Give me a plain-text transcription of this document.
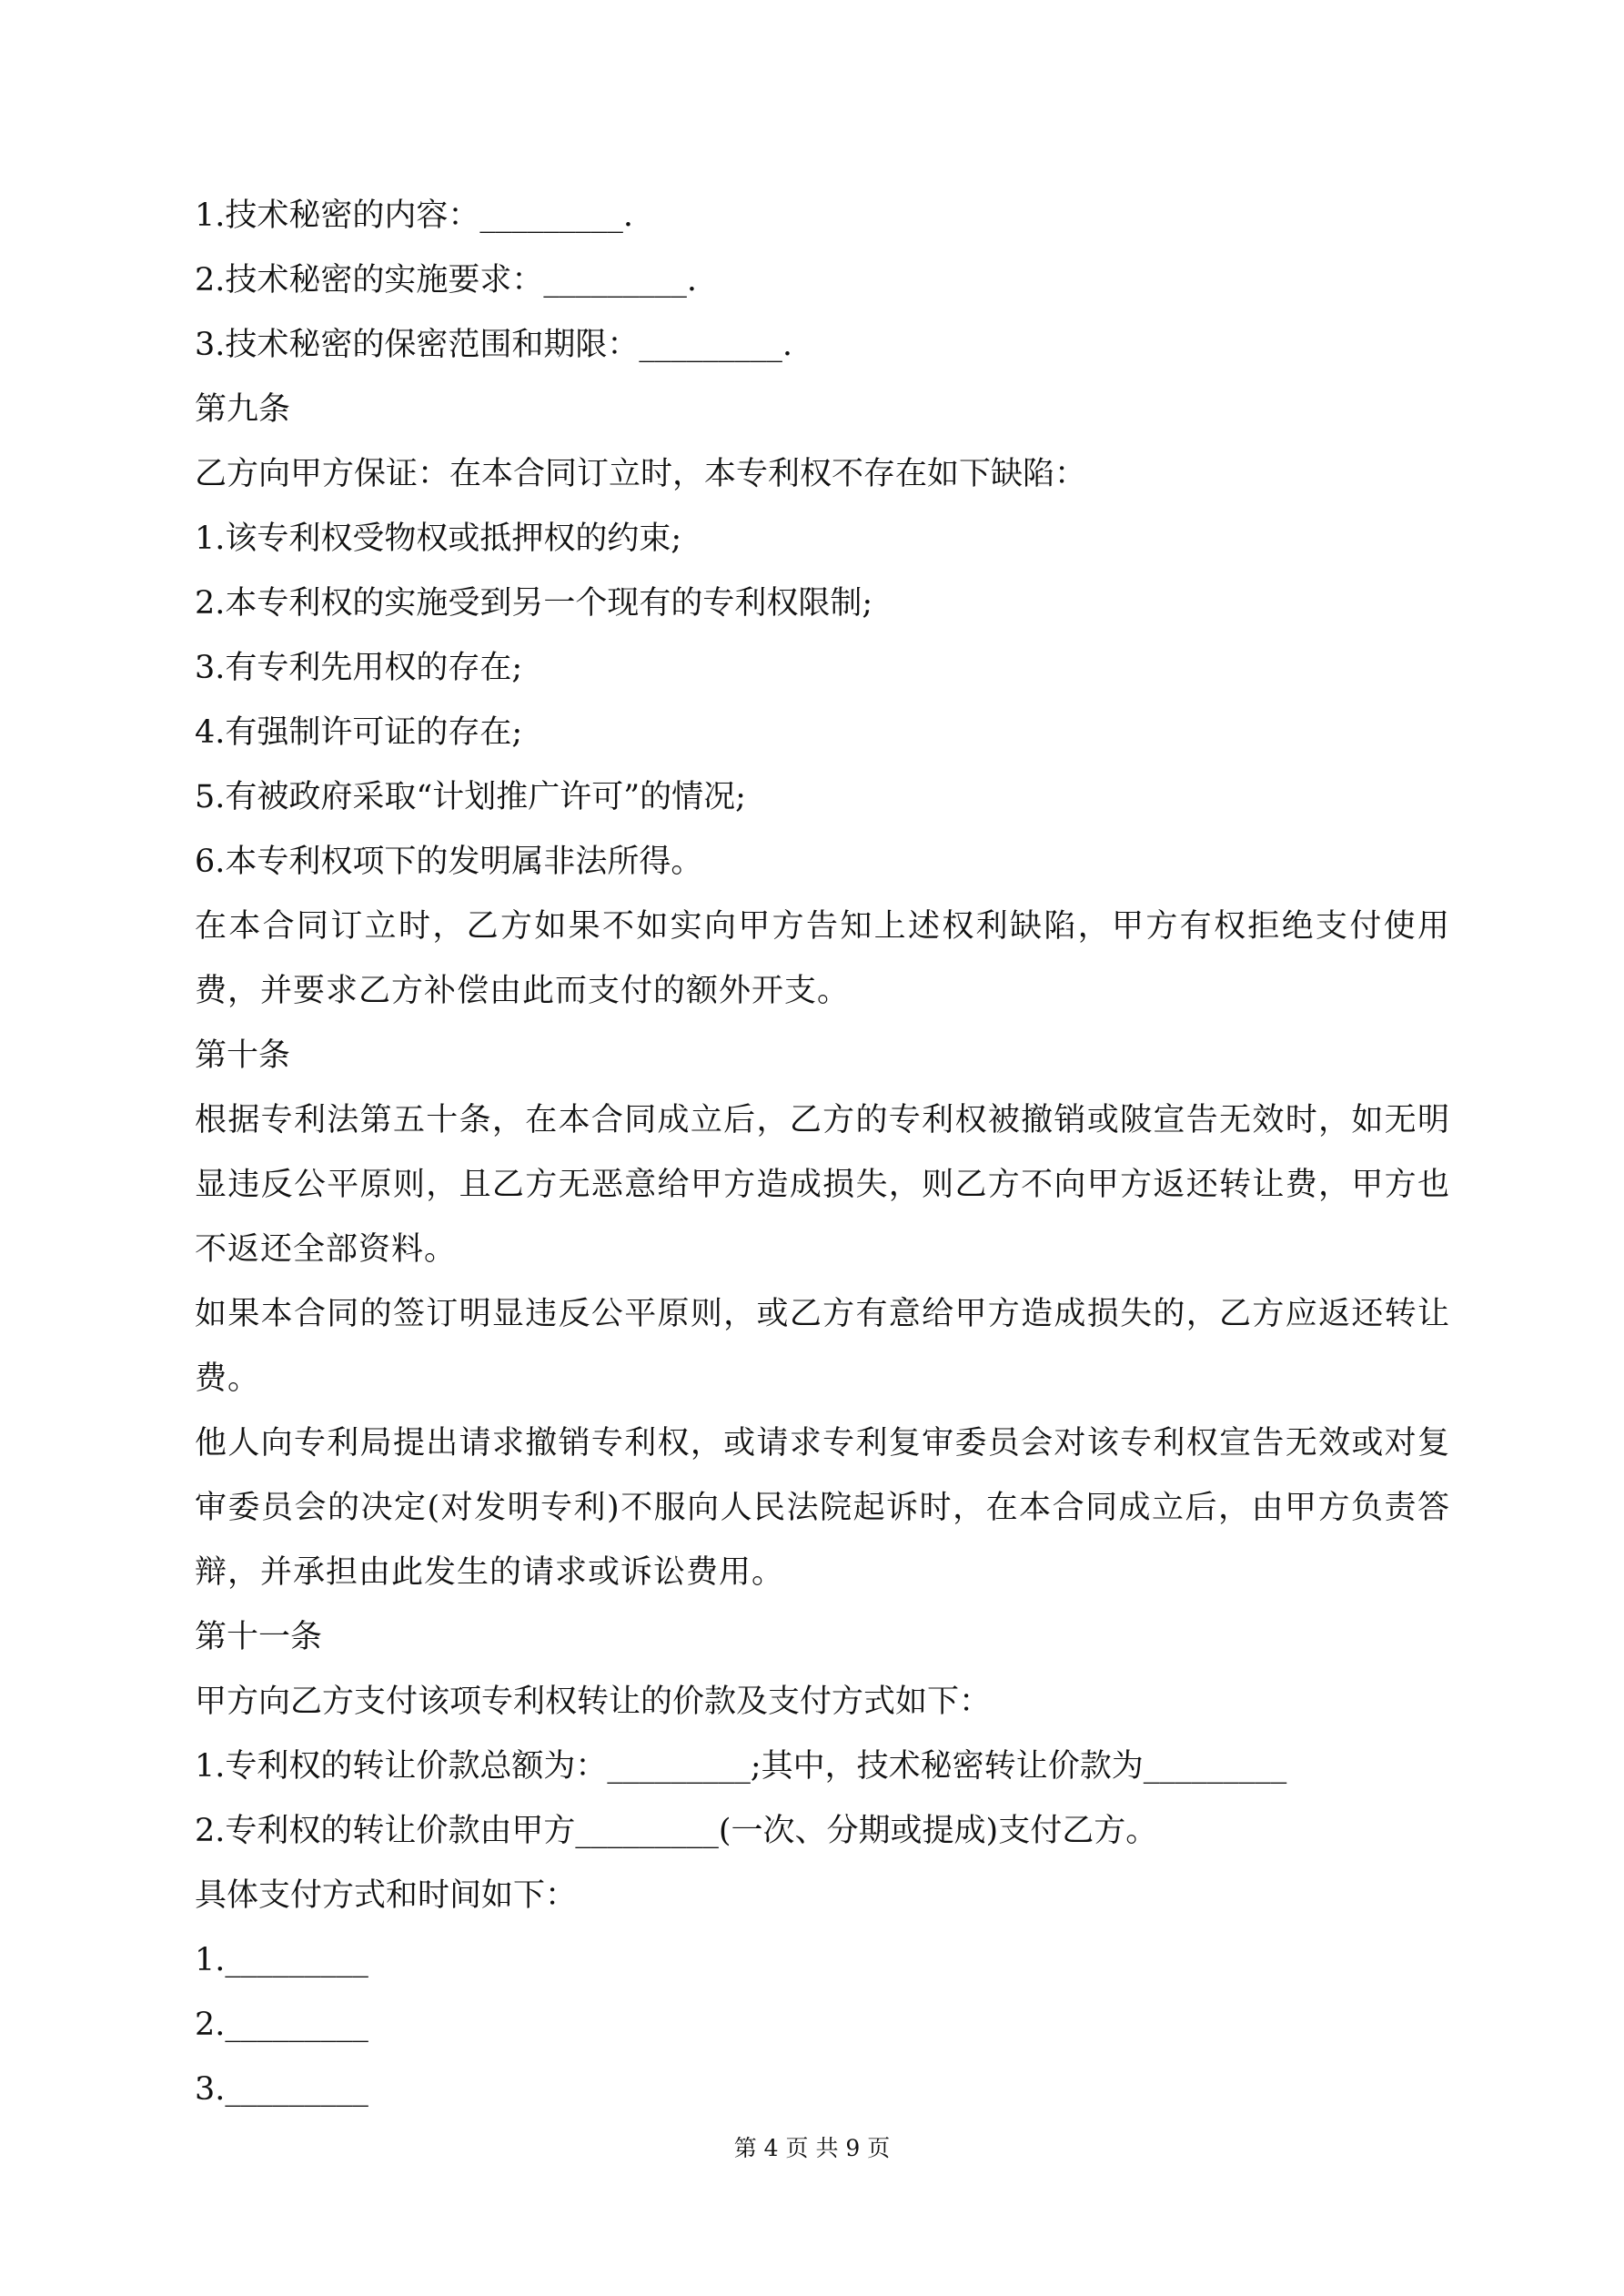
1.技术秘密的内容：_________.
2.技术秘密的实施要求：_________.
3.技术秘密的保密范围和期限：_________.
第九条
乙方向甲方保证：在本合同订立时，本专利权不存在如下缺陷：
1.该专利权受物权或抵押权的约束;
2.本专利权的实施受到另一个现有的专利权限制;
3.有专利先用权的存在;
4.有强制许可证的存在;
5.有被政府采取“计划推广许可”的情况;
6.本专利权项下的发明属非法所得。
在本合同订立时，乙方如果不如实向甲方告知上述权利缺陷，甲方有权拒绝支付使用费，并要求乙方补偿由此而支付的额外开支。
第十条
根据专利法第五十条，在本合同成立后，乙方的专利权被撤销或陂宣告无效时，如无明显违反公平原则，且乙方无恶意给甲方造成损失，则乙方不向甲方返还转让费，甲方也不返还全部资料。
如果本合同的签订明显违反公平原则，或乙方有意给甲方造成损失的，乙方应返还转让费。
他人向专利局提出请求撤销专利权，或请求专利复审委员会对该专利权宣告无效或对复审委员会的决定(对发明专利)不服向人民法院起诉时，在本合同成立后，由甲方负责答辩，并承担由此发生的请求或诉讼费用。
第十一条
甲方向乙方支付该项专利权转让的价款及支付方式如下：
1.专利权的转让价款总额为：_________;其中，技术秘密转让价款为_________
2.专利权的转让价款由甲方_________(一次、分期或提成)支付乙方。
具体支付方式和时间如下：
1._________
2._________
3._________
第 4 页 共 9 页
